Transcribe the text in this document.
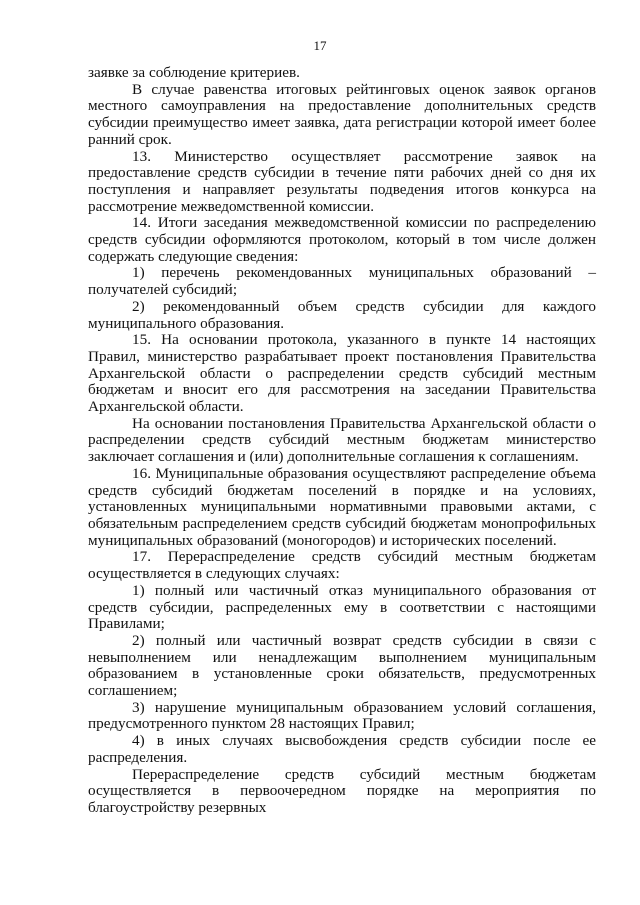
17

заявке за соблюдение критериев.

В случае равенства итоговых рейтинговых оценок заявок органов местного самоуправления на предоставление дополнительных средств субсидии преимущество имеет заявка, дата регистрации которой имеет более ранний срок.

13. Министерство осуществляет рассмотрение заявок на предоставление средств субсидии в течение пяти рабочих дней со дня их поступления и направляет результаты подведения итогов конкурса на рассмотрение межведомственной комиссии.

14. Итоги заседания межведомственной комиссии по распределению средств субсидии оформляются протоколом, который в том числе должен содержать следующие сведения:

1) перечень рекомендованных муниципальных образований – получателей субсидий;

2) рекомендованный объем средств субсидии для каждого муниципального образования.

15. На основании протокола, указанного в пункте 14 настоящих Правил, министерство разрабатывает проект постановления Правительства Архангельской области о распределении средств субсидий местным бюджетам и вносит его для рассмотрения на заседании Правительства Архангельской области.

На основании постановления Правительства Архангельской области о распределении средств субсидий местным бюджетам министерство заключает соглашения и (или) дополнительные соглашения к соглашениям.

16. Муниципальные образования осуществляют распределение объема средств субсидий бюджетам поселений в порядке и на условиях, установленных муниципальными нормативными правовыми актами, с обязательным распределением средств субсидий бюджетам монопрофильных муниципальных образований (моногородов) и исторических поселений.

17. Перераспределение средств субсидий местным бюджетам осуществляется в следующих случаях:

1) полный или частичный отказ муниципального образования от средств субсидии, распределенных ему в соответствии с настоящими Правилами;

2) полный или частичный возврат средств субсидии в связи с невыполнением или ненадлежащим выполнением муниципальным образованием в установленные сроки обязательств, предусмотренных соглашением;

3) нарушение муниципальным образованием условий соглашения, предусмотренного пунктом 28 настоящих Правил;

4) в иных случаях высвобождения средств субсидии после ее распределения.

Перераспределение средств субсидий местным бюджетам осуществляется в первоочередном порядке на мероприятия по благоустройству резервных
